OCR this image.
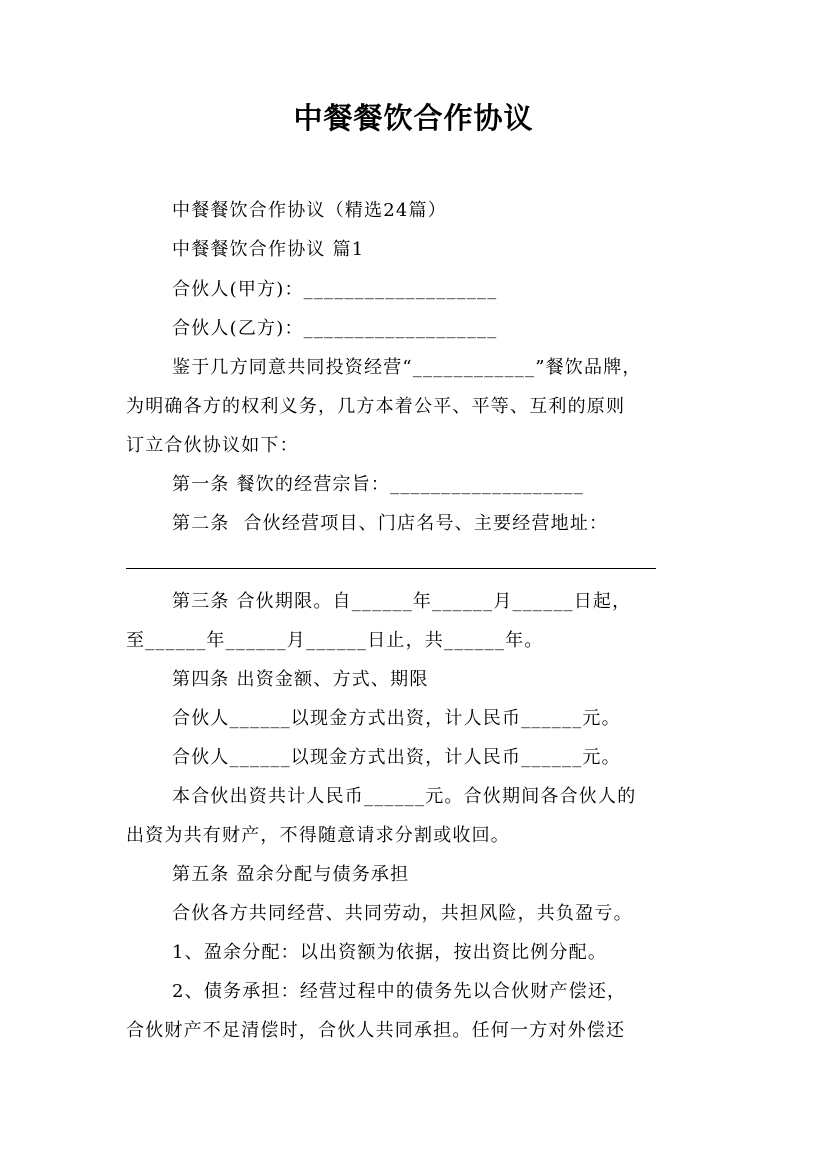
中餐餐饮合作协议
中餐餐饮合作协议（精选24篇）
中餐餐饮合作协议 篇1
合伙人(甲方)：___________________
合伙人(乙方)：___________________
鉴于几方同意共同投资经营“____________”餐饮品牌，
为明确各方的权利义务，几方本着公平、平等、互利的原则
订立合伙协议如下：
第一条 餐饮的经营宗旨：___________________
第二条  合伙经营项目、门店名号、主要经营地址：
第三条 合伙期限。自______年______月______日起，
至______年______月______日止，共______年。
第四条 出资金额、方式、期限
合伙人______以现金方式出资，计人民币______元。
合伙人______以现金方式出资，计人民币______元。
本合伙出资共计人民币______元。合伙期间各合伙人的
出资为共有财产，不得随意请求分割或收回。
第五条 盈余分配与债务承担
合伙各方共同经营、共同劳动，共担风险，共负盈亏。
1、盈余分配：以出资额为依据，按出资比例分配。
2、债务承担：经营过程中的债务先以合伙财产偿还，
合伙财产不足清偿时，合伙人共同承担。任何一方对外偿还
